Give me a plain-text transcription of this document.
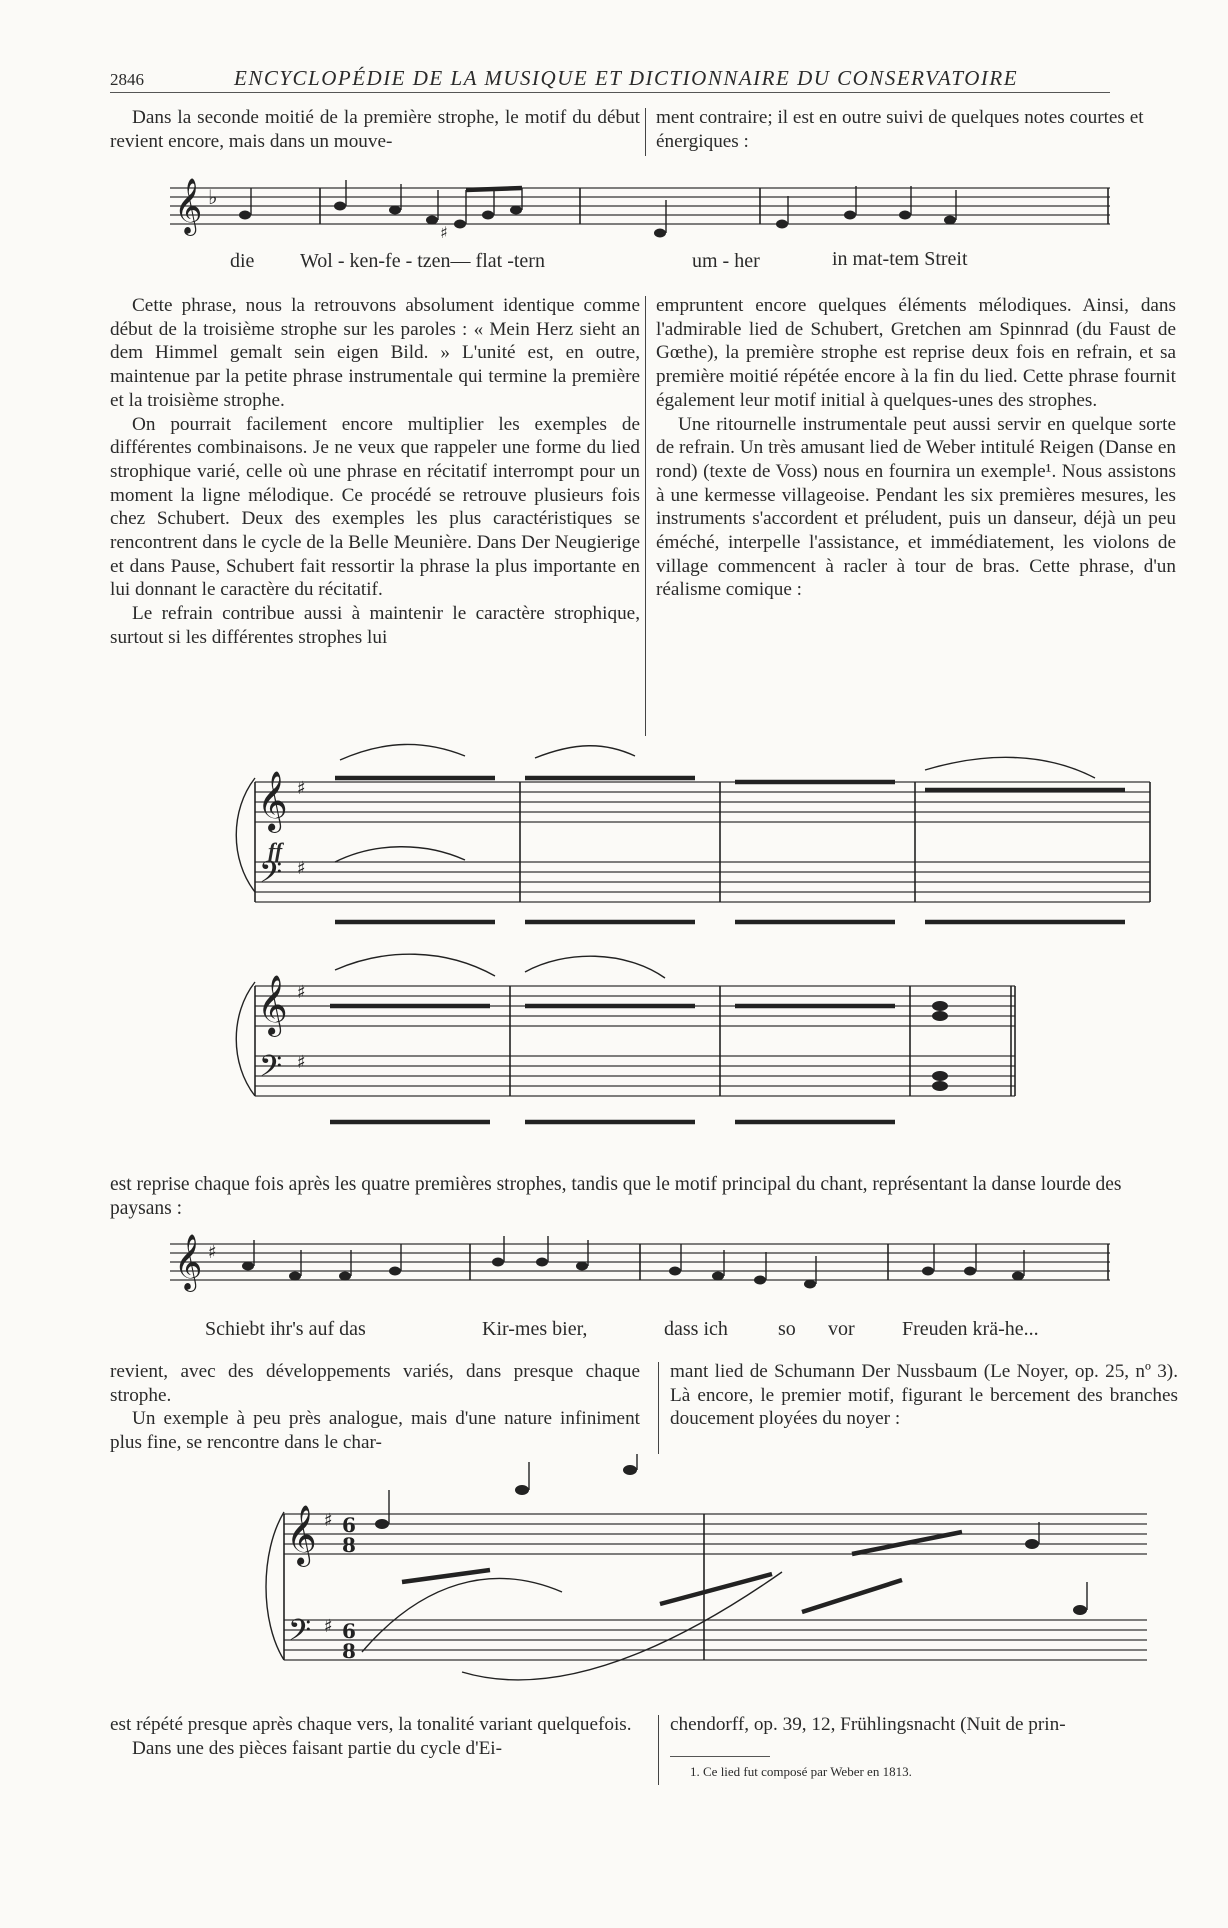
2846	ENCYCLOPÉDIE DE LA MUSIQUE ET DICTIONNAIRE DU CONSERVATOIRE

Dans la seconde moitié de la première strophe, le motif du début revient encore, mais dans un mouve-

ment contraire; il est en outre suivi de quelques notes courtes et énergiques :

𝄞 ♭
♯
die Wol - ken-fe - tzen— flat -tern	um - her	in mat-tem Streit

Cette phrase, nous la retrouvons absolument identique comme début de la troisième strophe sur les paroles : « Mein Herz sieht an dem Himmel gemalt sein eigen Bild. » L'unité est, en outre, maintenue par la petite phrase instrumentale qui termine la première et la troisième strophe.

On pourrait facilement encore multiplier les exemples de différentes combinaisons. Je ne veux que rappeler une forme du lied strophique varié, celle où une phrase en récitatif interrompt pour un moment la ligne mélodique. Ce procédé se retrouve plusieurs fois chez Schubert. Deux des exemples les plus caractéristiques se rencontrent dans le cycle de la Belle Meunière. Dans Der Neugierige et dans Pause, Schubert fait ressortir la phrase la plus importante en lui donnant le caractère du récitatif.

Le refrain contribue aussi à maintenir le caractère strophique, surtout si les différentes strophes lui

empruntent encore quelques éléments mélodiques. Ainsi, dans l'admirable lied de Schubert, Gretchen am Spinnrad (du Faust de Gœthe), la première strophe est reprise deux fois en refrain, et sa première moitié répétée encore à la fin du lied. Cette phrase fournit également leur motif initial à quelques-unes des strophes.

Une ritournelle instrumentale peut aussi servir en quelque sorte de refrain. Un très amusant lied de Weber intitulé Reigen (Danse en rond) (texte de Voss) nous en fournira un exemple¹. Nous assistons à une kermesse villageoise. Pendant les six premières mesures, les instruments s'accordent et préludent, puis un danseur, déjà un peu éméché, interpelle l'assistance, et immédiatement, les violons de village commencent à racler à tour de bras. Cette phrase, d'un réalisme comique :

𝄞
𝄢
♯
♯
𝄞
𝄢
♯
♯
ff
est reprise chaque fois après les quatre premières strophes, tandis que le motif principal du chant, représentant la danse lourde des paysans :
𝄞 ♯
Schiebt ihr's auf das	Kir-mes bier,	dass ich	so vor Freuden krä-he...

revient, avec des développements variés, dans presque chaque strophe.

Un exemple à peu près analogue, mais d'une nature infiniment plus fine, se rencontre dans le char-

mant lied de Schumann Der Nussbaum (Le Noyer, op. 25, nº 3). Là encore, le premier motif, figurant le bercement des branches doucement ployées du noyer :

𝄞
𝄢
♯
♯
6
8
6
8

est répété presque après chaque vers, la tonalité variant quelquefois.

Dans une des pièces faisant partie du cycle d'Ei-

chendorff, op. 39, 12, Frühlingsnacht (Nuit de prin-

1. Ce lied fut composé par Weber en 1813.
